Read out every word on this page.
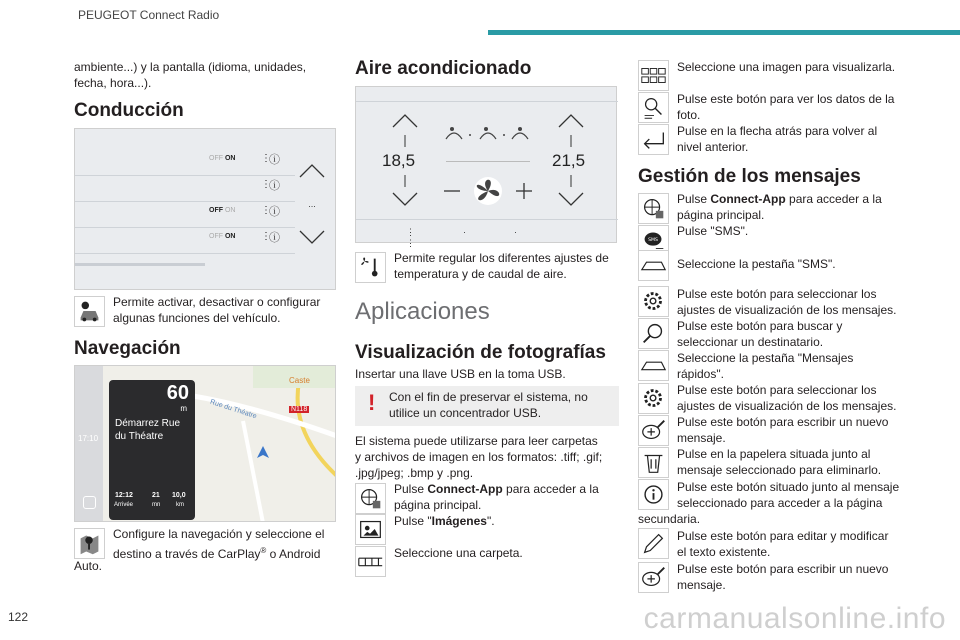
PEUGEOT Connect Radio
122	carmanualsonline.info
ambiente...) y la pantalla (idioma, unidades,
fecha, hora...).
Conducción
OFF ON	⋮
ⓘ
⋮
ⓘ
OFF ON	⋮
ⓘ
OFF ON	⋮
ⓘ
...
Permite activar, desactivar o configurar
algunas funciones del vehículo.
Navegación
17:10
Caste
Rue du Théatre	N118
60
m
Démarrez Rue
du Théatre
12:12
Arrivée
21
mn
10,0
km
Configure la navegación y seleccione el
destino a través de CarPlay® o Android
Auto.
Aire acondicionado
18,5	21,5
⋮·· ⋮
Permite regular los diferentes ajustes de
temperatura y de caudal de aire.
Aplicaciones
Visualización de fotografías
Insertar una llave USB en la toma USB.
! Con el fin de preservar el sistema, no
utilice un concentrador USB.
El sistema puede utilizarse para leer carpetas
y archivos de imagen en los formatos: .tiff; .gif;
.jpg/jpeg; .bmp y .png.
Pulse Connect-App para acceder a la
página principal.
Pulse "Imágenes".
Seleccione una carpeta.
Seleccione una imagen para visualizarla.
Pulse este botón para ver los datos de la
foto.
Pulse en la flecha atrás para volver al
nivel anterior.
Gestión de los mensajes
Pulse Connect-App para acceder a la
página principal.
SMS
Pulse "SMS".
Seleccione la pestaña "SMS".
Pulse este botón para seleccionar los
ajustes de visualización de los mensajes.
Pulse este botón para buscar y
seleccionar un destinatario.
Seleccione la pestaña "Mensajes
rápidos".
Pulse este botón para seleccionar los
ajustes de visualización de los mensajes.
Pulse este botón para escribir un nuevo
mensaje.
Pulse en la papelera situada junto al
mensaje seleccionado para eliminarlo.
Pulse este botón situado junto al mensaje
seleccionado para acceder a la página
secundaria.
Pulse este botón para editar y modificar
el texto existente.
Pulse este botón para escribir un nuevo
mensaje.
